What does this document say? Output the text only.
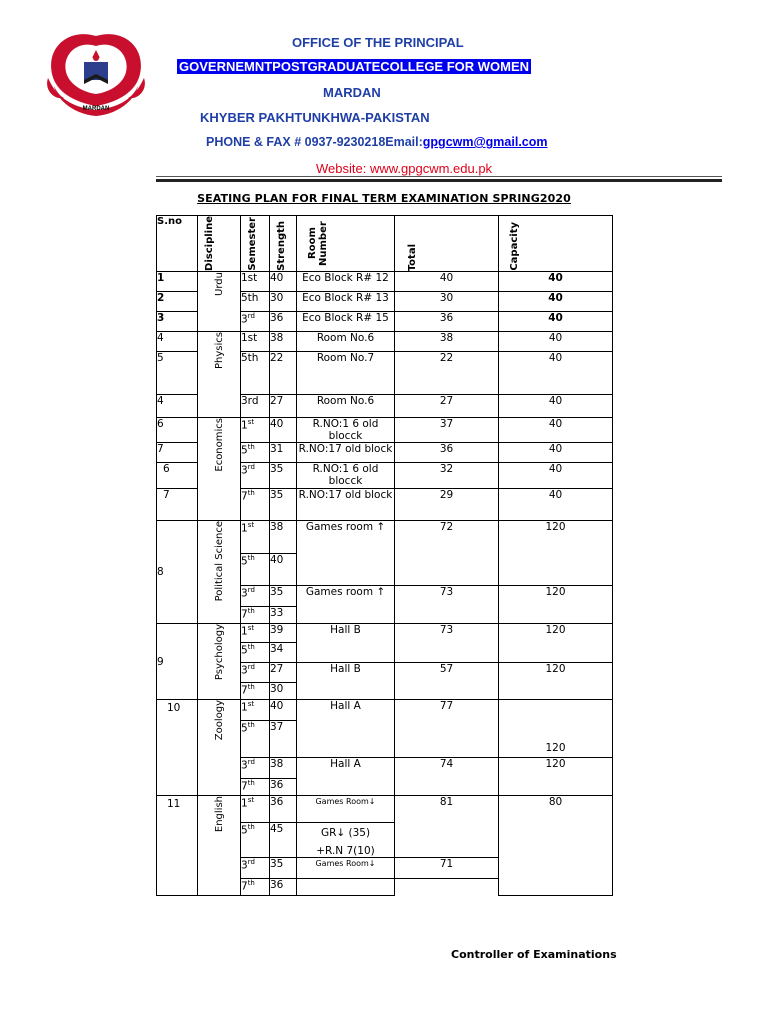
MARDAN
OFFICE OF THE PRINCIPAL
GOVERNEMNTPOSTGRADUATECOLLEGE FOR WOMEN
MARDAN
KHYBER PAKHTUNKHWA-PAKISTAN
PHONE & FAX # 0937-9230218Email:gpgcwm@gmail.com
Website: www.gpgcwm.edu.pk
SEATING PLAN FOR FINAL TERM EXAMINATION SPRING2020
S.no	Discipline	Semester	Strength	Room Number	Total	Capacity

1	Urdu	1st	40	Eco Block R# 12	40	40
2		5th	30	Eco Block R# 13	30	40
3		3rd	36	Eco Block R# 15	36	40
4	Physics	1st	38	Room No.6	38	40
5		5th	22	Room No.7	22	40
4		3rd	27	Room No.6	27	40
6	Economics	1st	40	R.NO:1 6 old blocck	37	40
7		5th	31	R.NO:17 old block	36	40
6		3rd	35	R.NO:1 6 old blocck	32	40
7		7th	35	R.NO:17 old block	29	40
8	Political Science	1st	38	Games room ↑	72	120
		5th	40			
		3rd	35	Games room ↑	73	120
		7th	33			
9	Psychology	1st	39	Hall B	73	120
		5th	34			
		3rd	27	Hall B	57	120
		7th	30			
10	Zoology	1st	40	Hall A	77	120
		5th	37			
		3rd	38	Hall A	74	120
		7th	36			
11	English	1st	36	Games Room↓	81	80
		5th	45	GR↓ (35)
+R.N 7(10)		

		3rd	35	Games Room↓	71	
		7th	36			
Controller of Examinations
